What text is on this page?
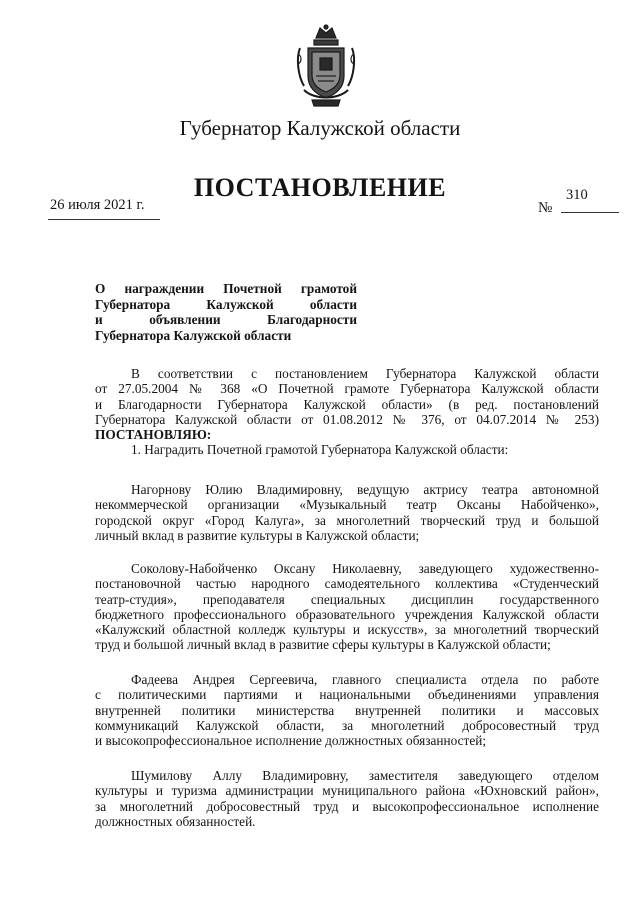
Губернатор Калужской области
ПОСТАНОВЛЕНИЕ
26 июля 2021 г.	№
310
О награждении Почетной грамотой
Губернатора Калужской области
и объявлении Благодарности
Губернатора Калужской области
В соответствии с постановлением Губернатора Калужской области
от 27.05.2004 № 368 «О Почетной грамоте Губернатора Калужской области
и Благодарности Губернатора Калужской области» (в ред. постановлений
Губернатора Калужской области от 01.08.2012 № 376, от 04.07.2014 № 253)
ПОСТАНОВЛЯЮ:
1. Наградить Почетной грамотой Губернатора Калужской области:
Нагорнову Юлию Владимировну, ведущую актрису театра автономной
некоммерческой организации «Музыкальный театр Оксаны Набойченко»,
городской округ «Город Калуга», за многолетний творческий труд и большой
личный вклад в развитие культуры в Калужской области;
Соколову-Набойченко Оксану Николаевну, заведующего художественно-
постановочной частью народного самодеятельного коллектива «Студенческий
театр-студия», преподавателя специальных дисциплин государственного
бюджетного профессионального образовательного учреждения Калужской области
«Калужский областной колледж культуры и искусств», за многолетний творческий
труд и большой личный вклад в развитие сферы культуры в Калужской области;
Фадеева Андрея Сергеевича, главного специалиста отдела по работе
с политическими партиями и национальными объединениями управления
внутренней политики министерства внутренней политики и массовых
коммуникаций Калужской области, за многолетний добросовестный труд
и высокопрофессиональное исполнение должностных обязанностей;
Шумилову Аллу Владимировну, заместителя заведующего отделом
культуры и туризма администрации муниципального района «Юхновский район»,
за многолетний добросовестный труд и высокопрофессиональное исполнение
должностных обязанностей.
